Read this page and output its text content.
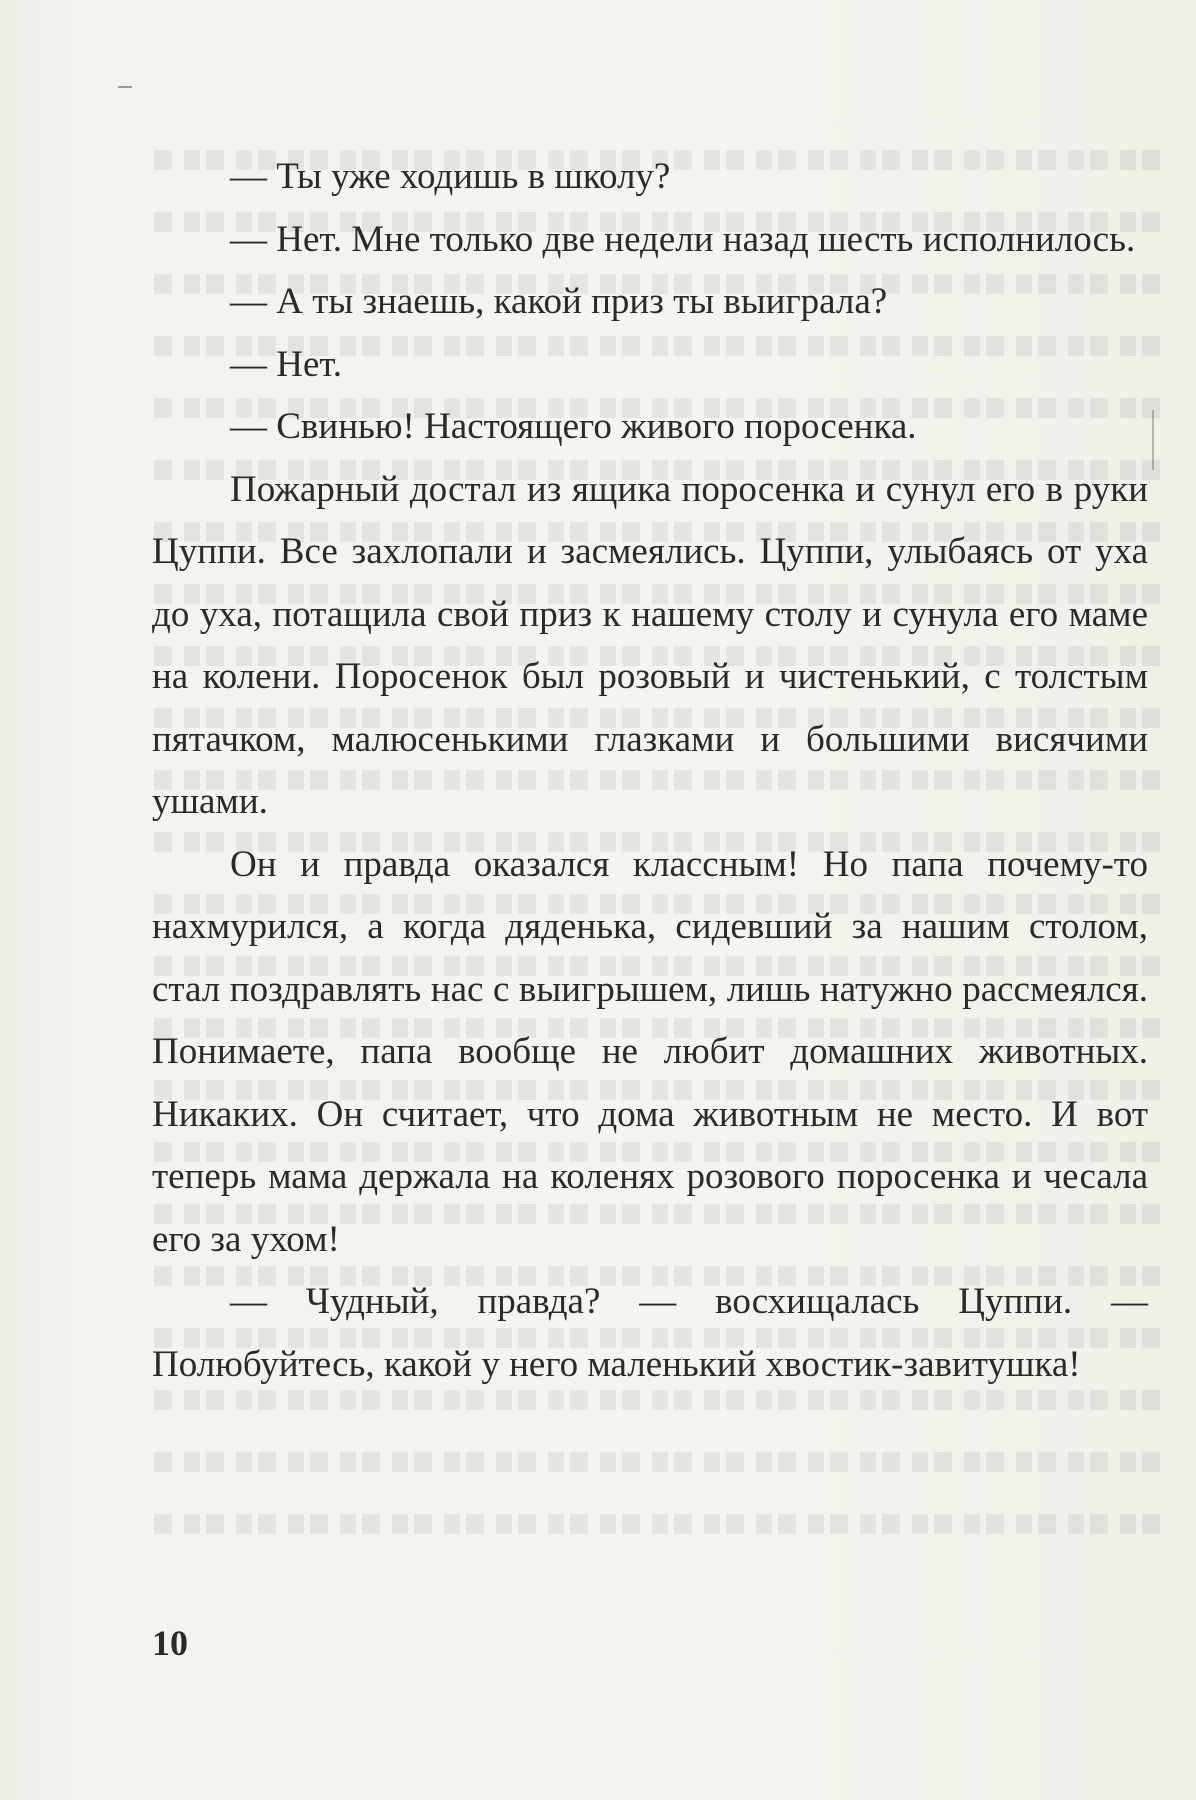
— Ты уже ходишь в школу?

— Нет. Мне только две недели назад шесть исполнилось.

— А ты знаешь, какой приз ты выиграла?

— Нет.

— Свинью! Настоящего живого поросенка.

Пожарный достал из ящика поросенка и сунул его в руки Цуппи. Все захлопали и засмеялись. Цуппи, улыбаясь от уха до уха, потащила свой приз к нашему столу и сунула его маме на колени. Поросенок был розовый и чистенький, с толстым пятачком, малюсенькими глазками и большими висячими ушами.

Он и правда оказался классным! Но папа почему-то нахмурился, а когда дяденька, сидевший за нашим столом, стал поздравлять нас с выигрышем, лишь натужно рассмеялся. Понимаете, папа вообще не любит домашних животных. Никаких. Он считает, что дома животным не место. И вот теперь мама держала на коленях розового поросенка и чесала его за ухом!

— Чудный, правда? — восхищалась Цуппи. — Полюбуйтесь, какой у него маленький хвостик-завитушка!

10
